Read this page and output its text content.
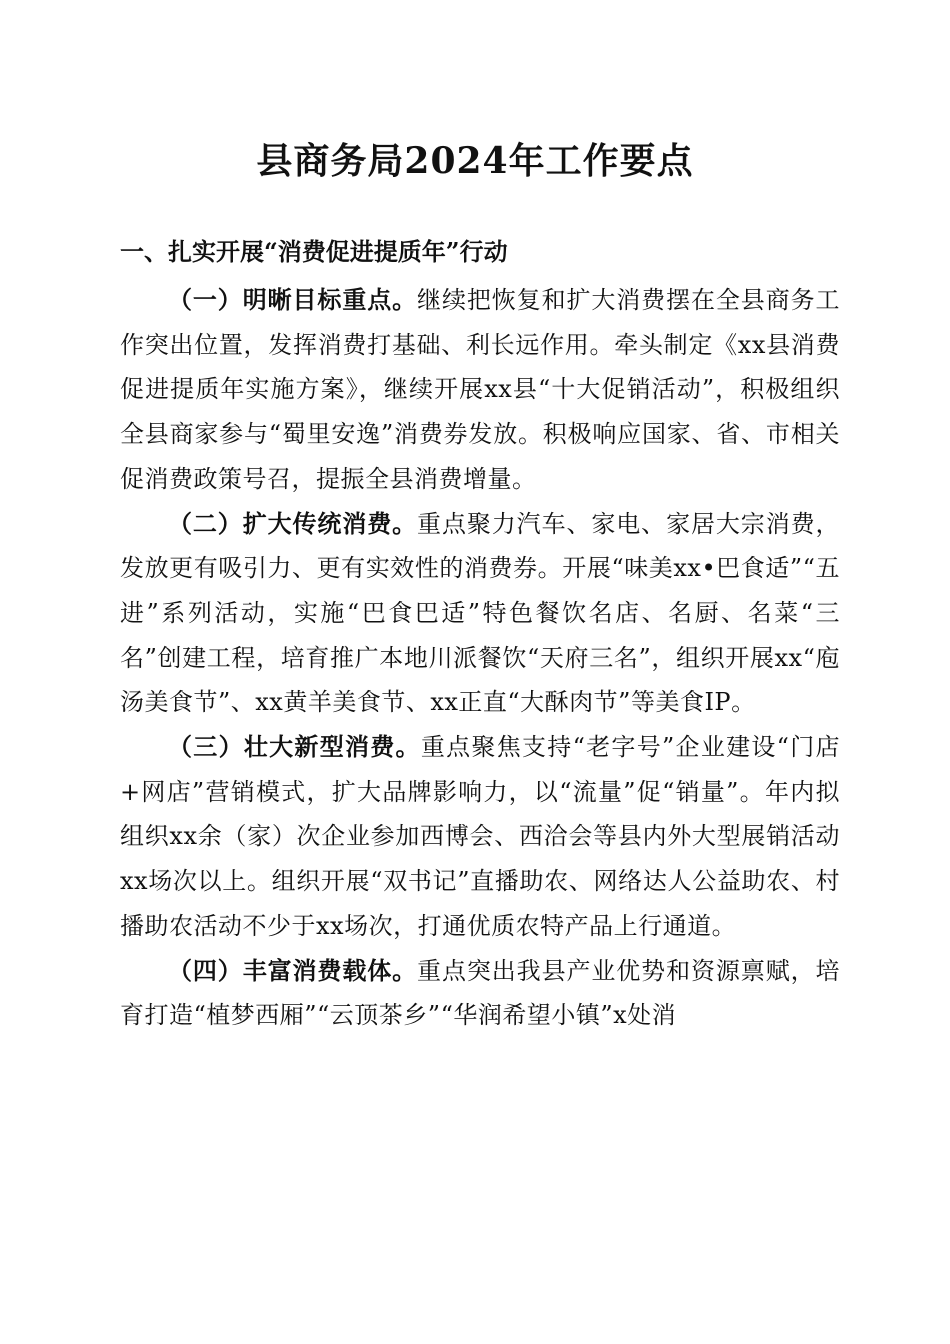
县商务局2024年工作要点
一、扎实开展“消费促进提质年”行动

（一）明晰目标重点。继续把恢复和扩大消费摆在全县商务工作突出位置，发挥消费打基础、利长远作用。牵头制定《xx县消费促进提质年实施方案》，继续开展xx县“十大促销活动”，积极组织全县商家参与“蜀里安逸”消费券发放。积极响应国家、省、市相关促消费政策号召，提振全县消费增量。

（二）扩大传统消费。重点聚力汽车、家电、家居大宗消费，发放更有吸引力、更有实效性的消费券。开展“味美xx•巴食适”“五进”系列活动，实施“巴食巴适”特色餐饮名店、名厨、名菜“三名”创建工程，培育推广本地川派餐饮“天府三名”，组织开展xx“庖汤美食节”、xx黄羊美食节、xx正直“大酥肉节”等美食IP。

（三）壮大新型消费。重点聚焦支持“老字号”企业建设“门店+网店”营销模式，扩大品牌影响力，以“流量”促“销量”。年内拟组织xx余（家）次企业参加西博会、西洽会等县内外大型展销活动xx场次以上。组织开展“双书记”直播助农、网络达人公益助农、村播助农活动不少于xx场次，打通优质农特产品上行通道。

（四）丰富消费载体。重点突出我县产业优势和资源禀赋，培育打造“植梦西厢”“云顶茶乡”“华润希望小镇”x处消
